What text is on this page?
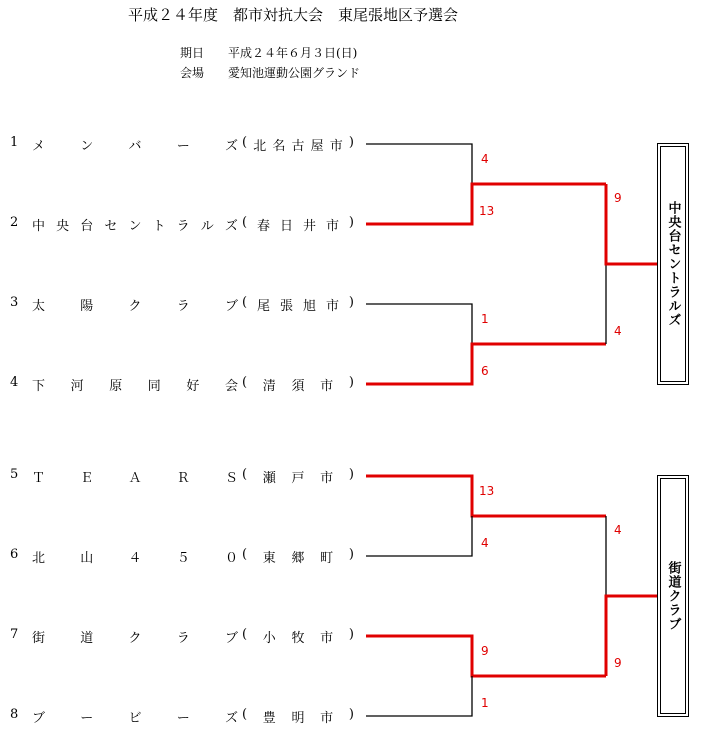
平成２４年度　都市対抗大会　東尾張地区予選会
期日 平成２４年６月３日(日)
会場 愛知池運動公園グランド
1	メ	ン	バ	ー	ズ ( 北 名 古 屋 市 )
2	中 央 台 セ ン ト ラ ル ズ ( 春 日 井 市 )
3	太	陽	ク	ラ	ブ ( 尾 張 旭 市 )
4	下 河 原 同 好 会 ( 清 須 市 )
5	Ｔ	Ｅ	Ａ	Ｒ	Ｓ ( 瀬 戸 市 )
6	北	山	４	５	０ ( 東 郷 町 )
7	街	道	ク	ラ	ブ ( 小 牧 市 )
8	ブ	ー	ビ	ー	ズ ( 豊 明 市 )
4
13
1
6
13
4
9
1
9
4
4
9
中央台セントラルズ
街道クラブ
